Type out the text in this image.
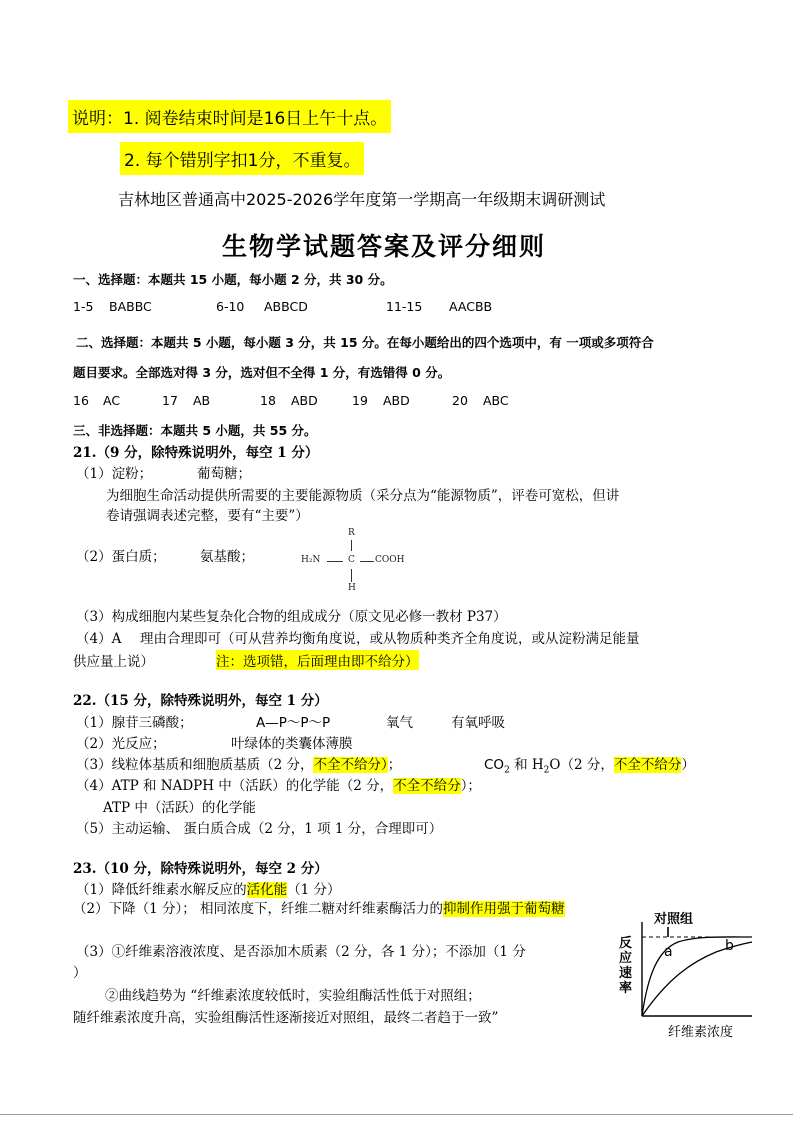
说明：1. 阅卷结束时间是16日上午十点。
2. 每个错别字扣1分，不重复。
吉林地区普通高中2025-2026学年度第一学期高一年级期末调研测试
生物学试题答案及评分细则
一、选择题：本题共 15 小题，每小题 2 分，共 30 分。
1-5 BABBC	6-10 ABBCD	11-15 AACBB
二、选择题：本题共 5 小题，每小题 3 分，共 15 分。在每小题给出的四个选项中，有 一项或多项符合
题目要求。全部选对得 3 分，选对但不全得 1 分，有选错得 0 分。
16 AC	17 AB	18 ABD	19 ABD	20 ABC
三、非选择题：本题共 5 小题，共 55 分。
21.（9 分，除特殊说明外，每空 1 分）
（1）淀粉；	葡萄糖；
为细胞生命活动提供所需要的主要能源物质（采分点为“能源物质”，评卷可宽松，但讲
卷请强调表述完整，要有“主要”）
（2）蛋白质；	氨基酸；
R
H₂N	C COOH
H
（3）构成细胞内某些复杂化合物的组成成分（原文见必修一教材 P37）
（4）A 理由合理即可（可从营养均衡角度说，或从物质种类齐全角度说，或从淀粉满足能量
供应量上说）	注：选项错，后面理由即不给分）
22.（15 分，除特殊说明外，每空 1 分）
（1）腺苷三磷酸；	A—P～P～P	氧气	有氧呼吸
（2）光反应；	叶绿体的类囊体薄膜
（3）线粒体基质和细胞质基质（2 分，不全不给分）；	$CO_2$ 和 $H_2O(2$ 分，不全不给分）
（4）ATP 和 NADPH 中（活跃）的化学能（2 分，不全不给分）；
ATP 中（活跃）的化学能
（5）主动运输、 蛋白质合成（2 分，1 项 1 分，合理即可）
23.（10 分，除特殊说明外，每空 2 分）
（1）降低纤维素水解反应的活化能（1 分）
（2）下降（1 分）； 相同浓度下，纤维二糖对纤维素酶活力的抑制作用强于葡萄糖
（3）①纤维素溶液浓度、是否添加木质素（2 分，各 1 分）；不添加（1 分
）
②曲线趋势为 “纤维素浓度较低时，实验组酶活性低于对照组；
随纤维素浓度升高，实验组酶活性逐渐接近对照组，最终二者趋于一致”
对照组
反应速率
a	b
纤维素浓度
